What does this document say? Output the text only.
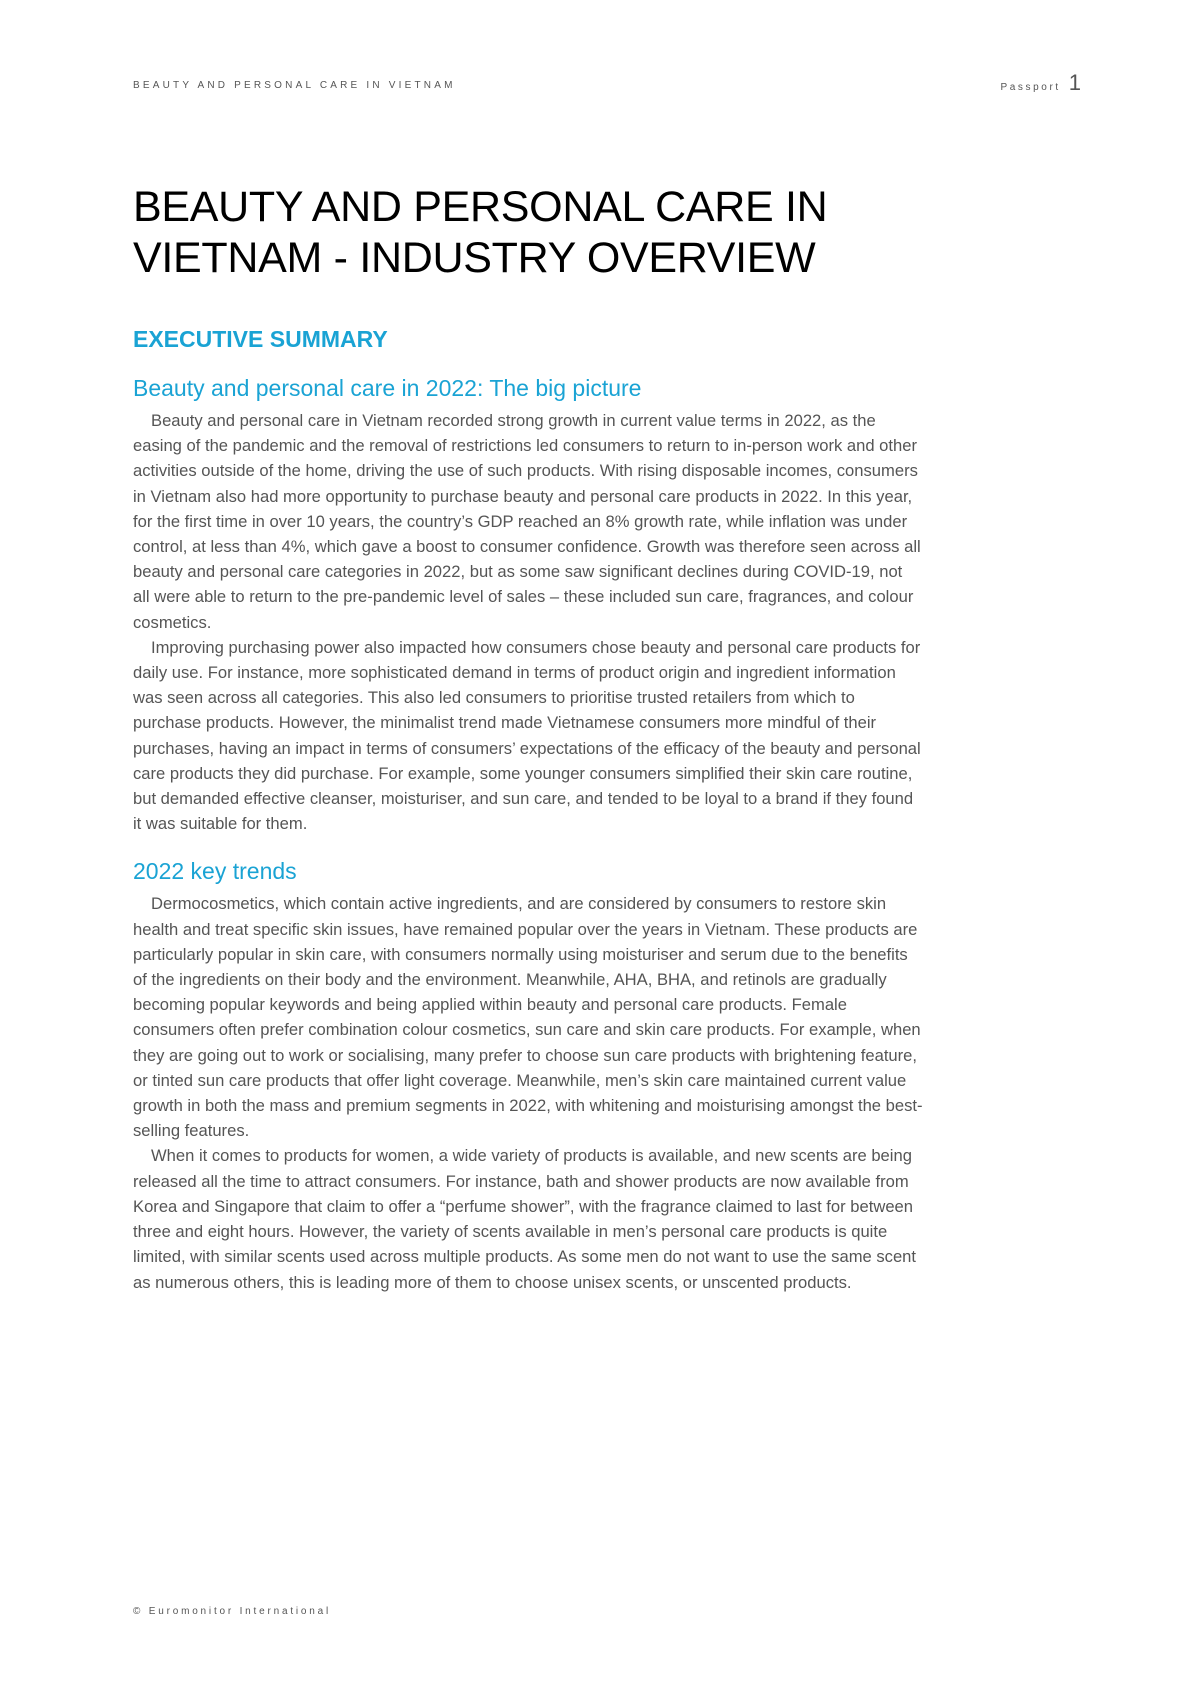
BEAUTY AND PERSONAL CARE IN VIETNAM	Passport 1
BEAUTY AND PERSONAL CARE IN
VIETNAM - INDUSTRY OVERVIEW
EXECUTIVE SUMMARY
Beauty and personal care in 2022: The big picture

Beauty and personal care in Vietnam recorded strong growth in current value terms in 2022, as the easing of the pandemic and the removal of restrictions led consumers to return to in-person work and other activities outside of the home, driving the use of such products. With rising disposable incomes, consumers in Vietnam also had more opportunity to purchase beauty and personal care products in 2022. In this year, for the first time in over 10 years, the country’s GDP reached an 8% growth rate, while inflation was under control, at less than 4%, which gave a boost to consumer confidence. Growth was therefore seen across all beauty and personal care categories in 2022, but as some saw significant declines during COVID-19, not all were able to return to the pre-pandemic level of sales – these included sun care, fragrances, and colour cosmetics.

Improving purchasing power also impacted how consumers chose beauty and personal care products for daily use. For instance, more sophisticated demand in terms of product origin and ingredient information was seen across all categories. This also led consumers to prioritise trusted retailers from which to purchase products. However, the minimalist trend made Vietnamese consumers more mindful of their purchases, having an impact in terms of consumers’ expectations of the efficacy of the beauty and personal care products they did purchase. For example, some younger consumers simplified their skin care routine, but demanded effective cleanser, moisturiser, and sun care, and tended to be loyal to a brand if they found it was suitable for them.

2022 key trends

Dermocosmetics, which contain active ingredients, and are considered by consumers to restore skin health and treat specific skin issues, have remained popular over the years in Vietnam. These products are particularly popular in skin care, with consumers normally using moisturiser and serum due to the benefits of the ingredients on their body and the environment. Meanwhile, AHA, BHA, and retinols are gradually becoming popular keywords and being applied within beauty and personal care products. Female consumers often prefer combination colour cosmetics, sun care and skin care products. For example, when they are going out to work or socialising, many prefer to choose sun care products with brightening feature, or tinted sun care products that offer light coverage. Meanwhile, men’s skin care maintained current value growth in both the mass and premium segments in 2022, with whitening and moisturising amongst the best-selling features.

When it comes to products for women, a wide variety of products is available, and new scents are being released all the time to attract consumers. For instance, bath and shower products are now available from Korea and Singapore that claim to offer a “perfume shower”, with the fragrance claimed to last for between three and eight hours. However, the variety of scents available in men’s personal care products is quite limited, with similar scents used across multiple products. As some men do not want to use the same scent as numerous others, this is leading more of them to choose unisex scents, or unscented products.

© Euromonitor International
